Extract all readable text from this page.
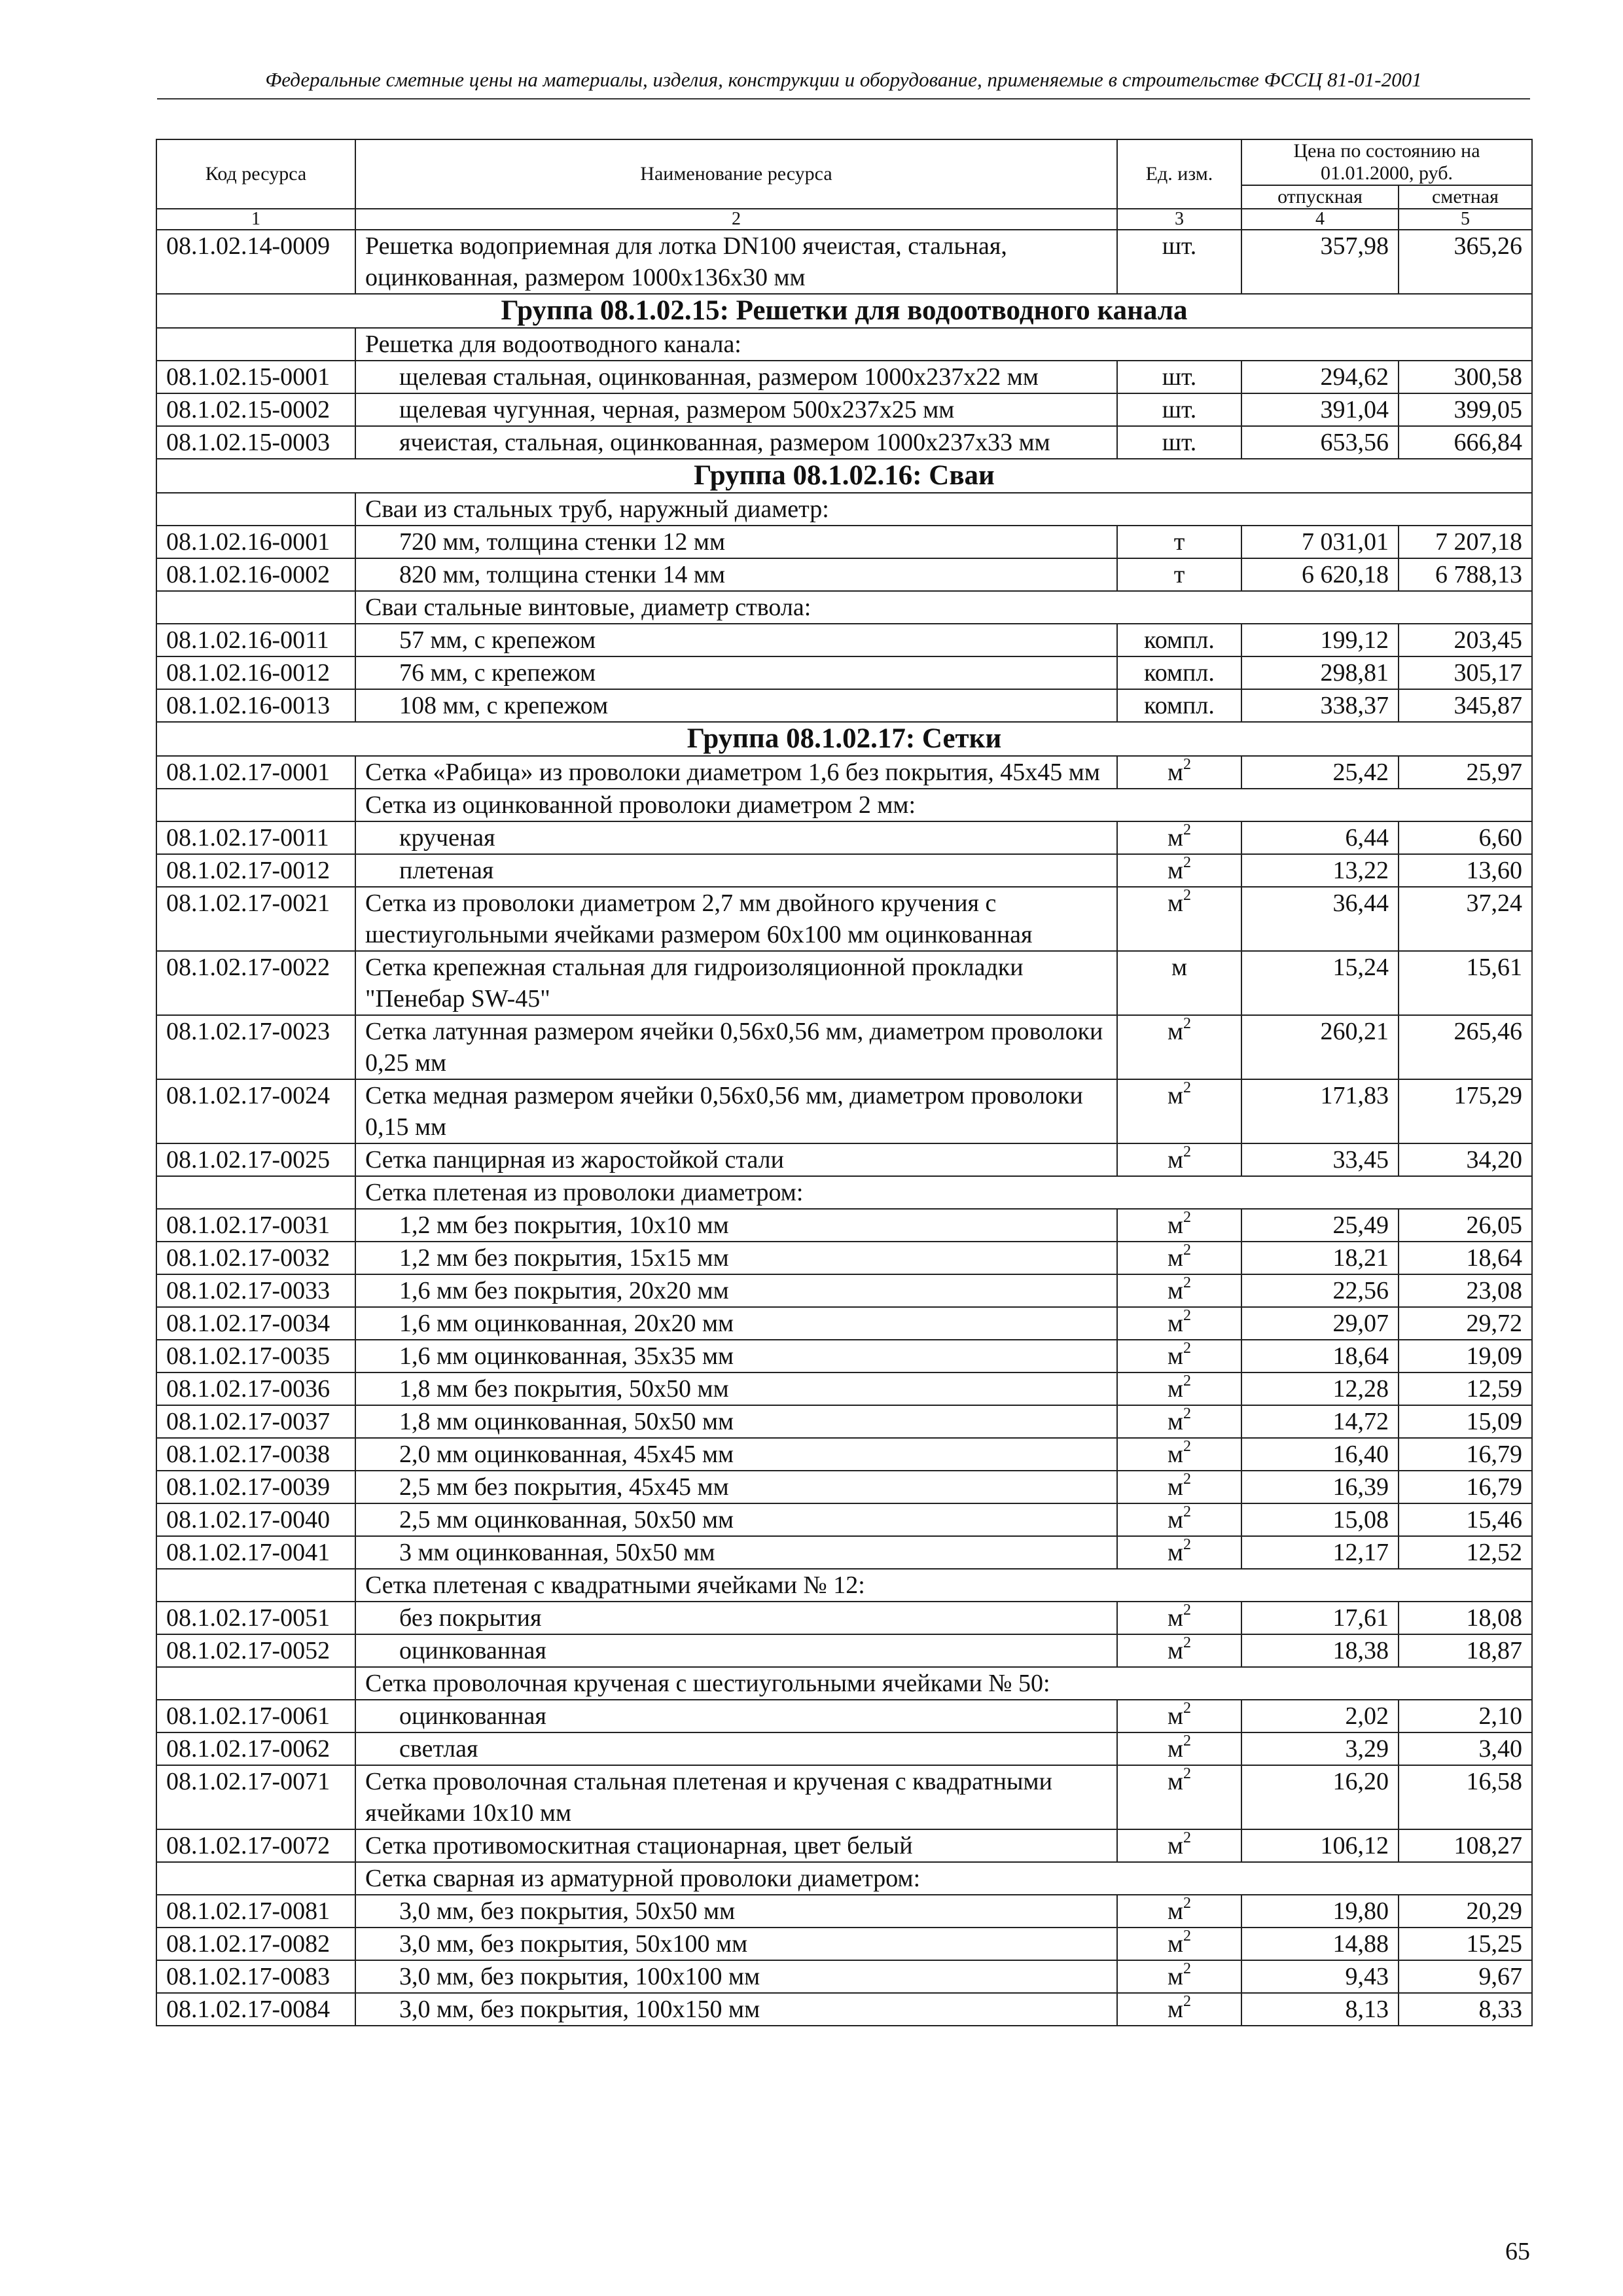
Федеральные сметные цены на материалы, изделия, конструкции и оборудование, применяемые в строительстве ФССЦ 81-01-2001
Код ресурса	Наименование ресурса	Ед. изм.	Цена по состоянию на 01.01.2000, руб.	
			отпускная	сметная
1	2	3	4	5
08.1.02.14-0009	Решетка водоприемная для лотка DN100 ячеистая, стальная, оцинкованная, размером 1000х136х30 мм	шт.	357,98	365,26
Группа 08.1.02.15: Решетки для водоотводного канала				
	Решетка для водоотводного канала:			
08.1.02.15-0001	щелевая стальная, оцинкованная, размером 1000х237х22 мм	шт.	294,62	300,58
08.1.02.15-0002	щелевая чугунная, черная, размером 500х237х25 мм	шт.	391,04	399,05
08.1.02.15-0003	ячеистая, стальная, оцинкованная, размером 1000х237х33 мм	шт.	653,56	666,84
Группа 08.1.02.16: Сваи				
	Сваи из стальных труб, наружный диаметр:			
08.1.02.16-0001	720 мм, толщина стенки 12 мм	т	7 031,01	7 207,18
08.1.02.16-0002	820 мм, толщина стенки 14 мм	т	6 620,18	6 788,13
	Сваи стальные винтовые, диаметр ствола:			
08.1.02.16-0011	57 мм, с крепежом	компл.	199,12	203,45
08.1.02.16-0012	76 мм, с крепежом	компл.	298,81	305,17
08.1.02.16-0013	108 мм, с крепежом	компл.	338,37	345,87
Группа 08.1.02.17: Сетки				
08.1.02.17-0001	Сетка «Рабица» из проволоки диаметром 1,6 без покрытия, 45х45 мм	$м^2$	25,42	25,97
	Сетка из оцинкованной проволоки диаметром 2 мм:			
08.1.02.17-0011	крученая	$м^2$	6,44	6,60
08.1.02.17-0012	плетеная	$м^2$	13,22	13,60
08.1.02.17-0021	Сетка из проволоки диаметром 2,7 мм двойного кручения с шестиугольными ячейками размером 60х100 мм оцинкованная	$м^2$	36,44	37,24
08.1.02.17-0022	Сетка крепежная стальная для гидроизоляционной прокладки "Пенебар SW-45"	м	15,24	15,61
08.1.02.17-0023	Сетка латунная размером ячейки 0,56х0,56 мм, диаметром проволоки 0,25 мм	$м^2$	260,21	265,46
08.1.02.17-0024	Сетка медная размером ячейки 0,56х0,56 мм, диаметром проволоки 0,15 мм	$м^2$	171,83	175,29
08.1.02.17-0025	Сетка панцирная из жаростойкой стали	$м^2$	33,45	34,20
	Сетка плетеная из проволоки диаметром:			
08.1.02.17-0031	1,2 мм без покрытия, 10х10 мм	$м^2$	25,49	26,05
08.1.02.17-0032	1,2 мм без покрытия, 15х15 мм	$м^2$	18,21	18,64
08.1.02.17-0033	1,6 мм без покрытия, 20х20 мм	$м^2$	22,56	23,08
08.1.02.17-0034	1,6 мм оцинкованная, 20х20 мм	$м^2$	29,07	29,72
08.1.02.17-0035	1,6 мм оцинкованная, 35х35 мм	$м^2$	18,64	19,09
08.1.02.17-0036	1,8 мм без покрытия, 50х50 мм	$м^2$	12,28	12,59
08.1.02.17-0037	1,8 мм оцинкованная, 50х50 мм	$м^2$	14,72	15,09
08.1.02.17-0038	2,0 мм оцинкованная, 45х45 мм	$м^2$	16,40	16,79
08.1.02.17-0039	2,5 мм без покрытия, 45х45 мм	$м^2$	16,39	16,79
08.1.02.17-0040	2,5 мм оцинкованная, 50х50 мм	$м^2$	15,08	15,46
08.1.02.17-0041	3 мм оцинкованная, 50х50 мм	$м^2$	12,17	12,52
	Сетка плетеная с квадратными ячейками № 12:			
08.1.02.17-0051	без покрытия	$м^2$	17,61	18,08
08.1.02.17-0052	оцинкованная	$м^2$	18,38	18,87
	Сетка проволочная крученая с шестиугольными ячейками № 50:			
08.1.02.17-0061	оцинкованная	$м^2$	2,02	2,10
08.1.02.17-0062	светлая	$м^2$	3,29	3,40
08.1.02.17-0071	Сетка проволочная стальная плетеная и крученая с квадратными ячейками 10х10 мм	$м^2$	16,20	16,58
08.1.02.17-0072	Сетка противомоскитная стационарная, цвет белый	$м^2$	106,12	108,27
	Сетка сварная из арматурной проволоки диаметром:			
08.1.02.17-0081	3,0 мм, без покрытия, 50х50 мм	$м^2$	19,80	20,29
08.1.02.17-0082	3,0 мм, без покрытия, 50х100 мм	$м^2$	14,88	15,25
08.1.02.17-0083	3,0 мм, без покрытия, 100х100 мм	$м^2$	9,43	9,67
08.1.02.17-0084	3,0 мм, без покрытия, 100х150 мм	$м^2$	8,13	8,33
65
